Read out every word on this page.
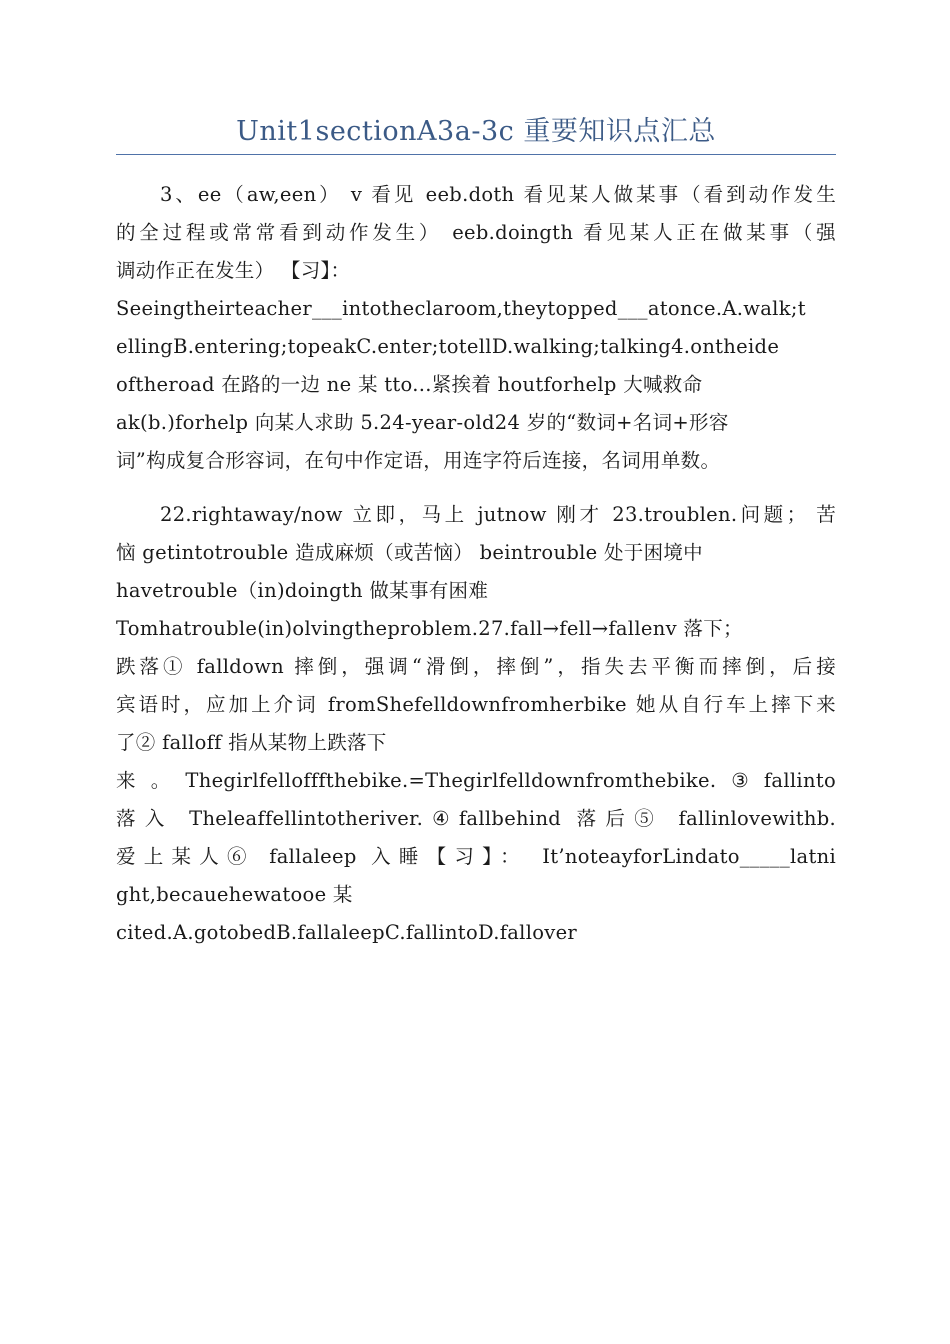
Unit1sectionA3a-3c 重要知识点汇总
3、ee（aw,een） v 看见 eeb.doth 看见某人做某事（看到动作发生
的全过程或常常看到动作发生） eeb.doingth 看见某人正在做某事（强
调动作正在发生） 【习】：
Seeingtheirteacher___intotheclaroom,theytopped___atonce.A.walk;t
ellingB.entering;topeakC.enter;totellD.walking;talking4.ontheide
oftheroad 在路的一边 ne 某 tto...紧挨着 houtforhelp 大喊救命
ak(b.)forhelp 向某人求助 5.24-year-old24 岁的“数词+名词+形容
词”构成复合形容词，在句中作定语，用连字符后连接，名词用单数。
22.rightaway/now 立即，马上 jutnow 刚才 23.troublen.问题； 苦
恼 getintotrouble 造成麻烦（或苦恼） beintrouble 处于困境中
havetrouble（in)doingth 做某事有困难
Tomhatrouble(in)olvingtheproblem.27.fall→fell→fallenv 落下；
跌落① falldown 摔倒，强调“滑倒，摔倒”，指失去平衡而摔倒，后接
宾语时，应加上介词 fromShefelldownfromherbike 她从自行车上摔下来
了② falloff 指从某物上跌落下
来。Thegirlfellofffthebike.=Thegirlfelldownfromthebike.③fallinto
落入 Theleaffellintotheriver.④fallbehind 落后⑤ fallinlovewithb.
爱上某人⑥ fallaleep 入睡【习】： It’noteayforLindato_____latni
ght,becauehewatooe 某
cited.A.gotobedB.fallaleepC.fallintoD.fallover
